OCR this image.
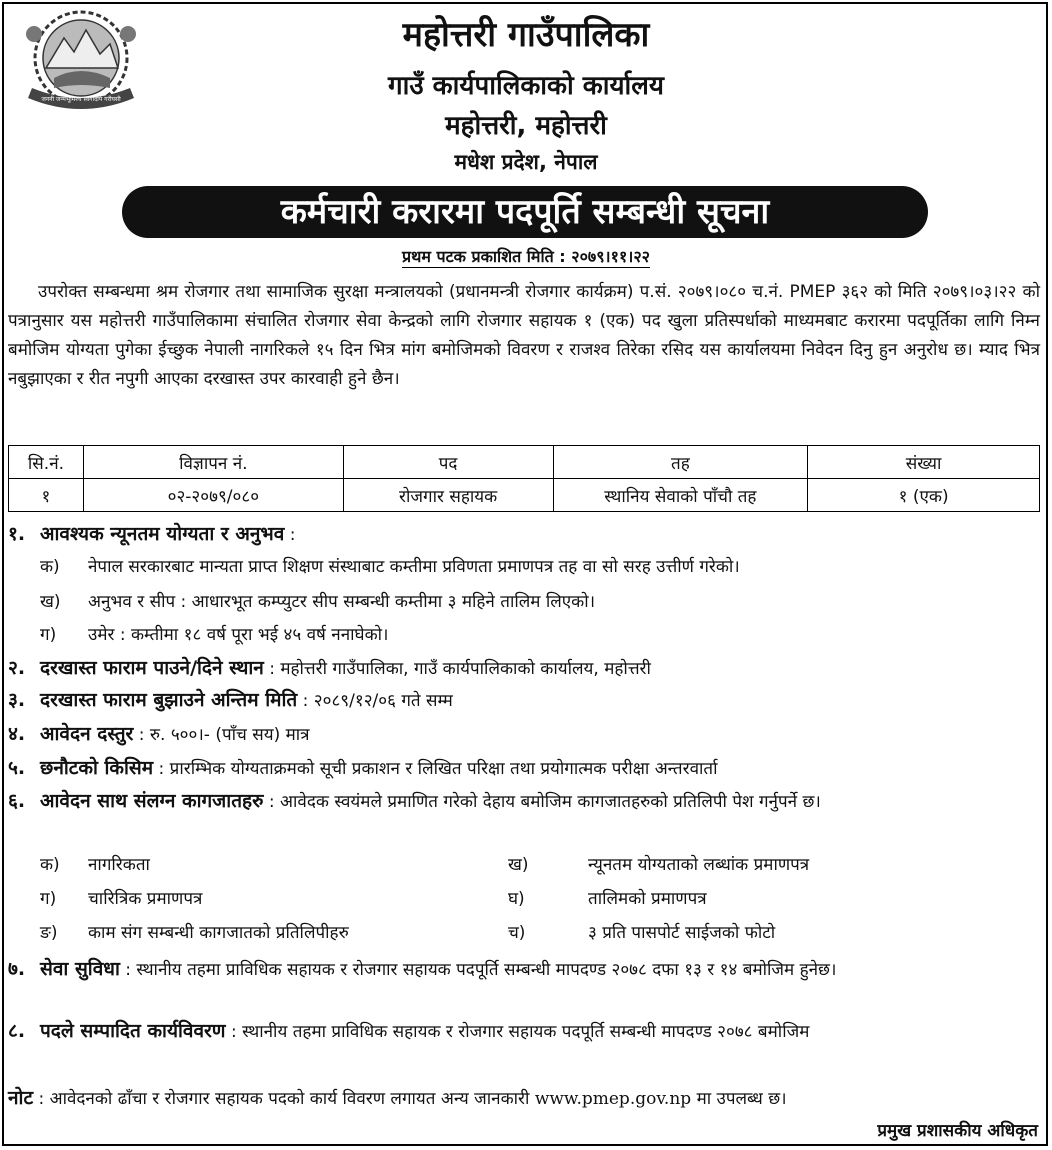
जननी जन्मभूमिश्च स्वर्गादपि गरीयसी
महोत्तरी गाउँपालिका
गाउँ कार्यपालिकाको कार्यालय
महोत्तरी, महोत्तरी
मधेश प्रदेश, नेपाल
कर्मचारी करारमा पदपूर्ति सम्बन्धी सूचना
प्रथम पटक प्रकाशित मिति : २०७९।११।२२
उपरोक्त सम्बन्धमा श्रम रोजगार तथा सामाजिक सुरक्षा मन्त्रालयको (प्रधानमन्त्री रोजगार कार्यक्रम) प.सं. २०७९।०८० च.नं. PMEP ३६२ को मिति २०७९।०३।२२ को पत्रानुसार यस महोत्तरी गाउँपालिकामा संचालित रोजगार सेवा केन्द्रको लागि रोजगार सहायक १ (एक) पद खुला प्रतिस्पर्धाको माध्यमबाट करारमा पदपूर्तिका लागि निम्न बमोजिम योग्यता पुगेका ईच्छुक नेपाली नागरिकले १५ दिन भित्र मांग बमोजिमको विवरण र राजश्व तिरेका रसिद यस कार्यालयमा निवेदन दिनु हुन अनुरोध छ। म्याद भित्र नबुझाएका र रीत नपुगी आएका दरखास्त उपर कारवाही हुने छैन।
सि.नं.	विज्ञापन नं.	पद	तह	संख्या
१	०२-२०७९/०८०	रोजगार सहायक	स्थानिय सेवाको पाँचौ तह	१ (एक)
१. आवश्यक न्यूनतम योग्यता र अनुभव :
क) नेपाल सरकारबाट मान्यता प्राप्त शिक्षण संस्थाबाट कम्तीमा प्रविणता प्रमाणपत्र तह वा सो सरह उत्तीर्ण गरेको।
ख) अनुभव र सीप : आधारभूत कम्प्युटर सीप सम्बन्धी कम्तीमा ३ महिने तालिम लिएको।
ग) उमेर : कम्तीमा १८ वर्ष पूरा भई ४५ वर्ष ननाघेको।
२. दरखास्त फाराम पाउने/दिने स्थान : महोत्तरी गाउँपालिका, गाउँ कार्यपालिकाको कार्यालय, महोत्तरी
३. दरखास्त फाराम बुझाउने अन्तिम मिति : २०८९/१२/०६ गते सम्म
४. आवेदन दस्तुर : रु. ५००।- (पाँच सय) मात्र
५. छनौटको किसिम : प्रारम्भिक योग्यताक्रमको सूची प्रकाशन र लिखित परिक्षा तथा प्रयोगात्मक परीक्षा अन्तरवार्ता
६. आवेदन साथ संलग्न कागजातहरु : आवेदक स्वयंमले प्रमाणित गरेको देहाय बमोजिम कागजातहरुको प्रतिलिपी पेश गर्नुपर्ने छ।
क) नागरिकता	ख)	न्यूनतम योग्यताको लब्धांक प्रमाणपत्र
ग) चारित्रिक प्रमाणपत्र	घ)	तालिमको प्रमाणपत्र
ङ) काम संग सम्बन्धी कागजातको प्रतिलिपीहरु	च)	३ प्रति पासपोर्ट साईजको फोटो
७. सेवा सुविधा : स्थानीय तहमा प्राविधिक सहायक र रोजगार सहायक पदपूर्ति सम्बन्धी मापदण्ड २०७८ दफा १३ र १४ बमोजिम हुनेछ।
८. पदले सम्पादित कार्यविवरण : स्थानीय तहमा प्राविधिक सहायक र रोजगार सहायक पदपूर्ति सम्बन्धी मापदण्ड २०७८ बमोजिम
नोट : आवेदनको ढाँचा र रोजगार सहायक पदको कार्य विवरण लगायत अन्य जानकारी www.pmep.gov.np मा उपलब्ध छ।
प्रमुख प्रशासकीय अधिकृत
